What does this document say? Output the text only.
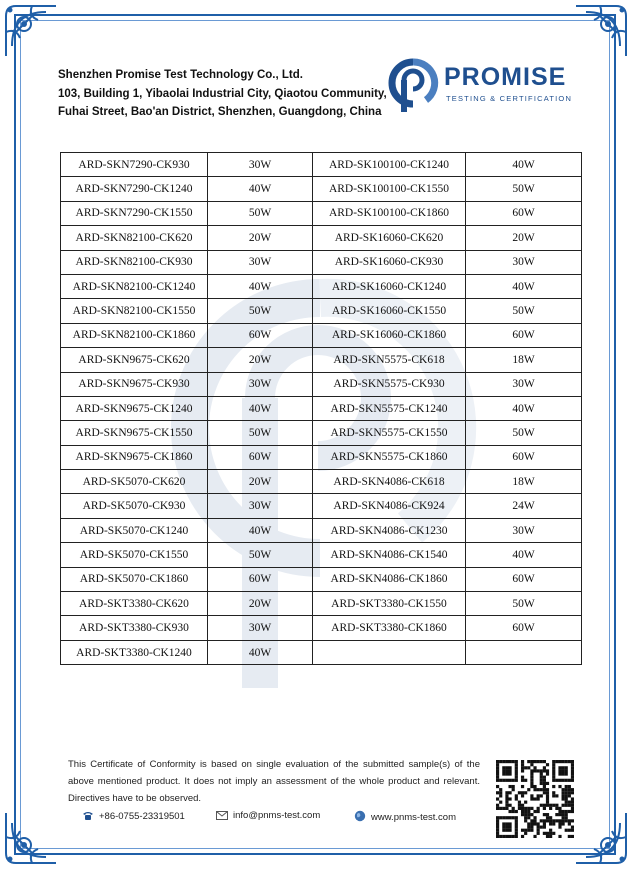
Shenzhen Promise Test Technology Co., Ltd.
103, Building 1, Yibaolai Industrial City, Qiaotou Community,
Fuhai Street, Bao'an District, Shenzhen, Guangdong, China
PROMISE
TESTING & CERTIFICATION
ARD-SKN7290-CK930	30W	ARD-SK100100-CK1240	40W
ARD-SKN7290-CK1240	40W	ARD-SK100100-CK1550	50W
ARD-SKN7290-CK1550	50W	ARD-SK100100-CK1860	60W
ARD-SKN82100-CK620	20W	ARD-SK16060-CK620	20W
ARD-SKN82100-CK930	30W	ARD-SK16060-CK930	30W
ARD-SKN82100-CK1240	40W	ARD-SK16060-CK1240	40W
ARD-SKN82100-CK1550	50W	ARD-SK16060-CK1550	50W
ARD-SKN82100-CK1860	60W	ARD-SK16060-CK1860	60W
ARD-SKN9675-CK620	20W	ARD-SKN5575-CK618	18W
ARD-SKN9675-CK930	30W	ARD-SKN5575-CK930	30W
ARD-SKN9675-CK1240	40W	ARD-SKN5575-CK1240	40W
ARD-SKN9675-CK1550	50W	ARD-SKN5575-CK1550	50W
ARD-SKN9675-CK1860	60W	ARD-SKN5575-CK1860	60W
ARD-SK5070-CK620	20W	ARD-SKN4086-CK618	18W
ARD-SK5070-CK930	30W	ARD-SKN4086-CK924	24W
ARD-SK5070-CK1240	40W	ARD-SKN4086-CK1230	30W
ARD-SK5070-CK1550	50W	ARD-SKN4086-CK1540	40W
ARD-SK5070-CK1860	60W	ARD-SKN4086-CK1860	60W
ARD-SKT3380-CK620	20W	ARD-SKT3380-CK1550	50W
ARD-SKT3380-CK930	30W	ARD-SKT3380-CK1860	60W
ARD-SKT3380-CK1240	40W		
This Certificate of Conformity is based on single evaluation of the submitted sample(s) of the above mentioned product. It does not imply an assessment of the whole product and relevant. Directives have to be observed.
+86-0755-23319501	info@pnms-test.com	www.pnms-test.com
